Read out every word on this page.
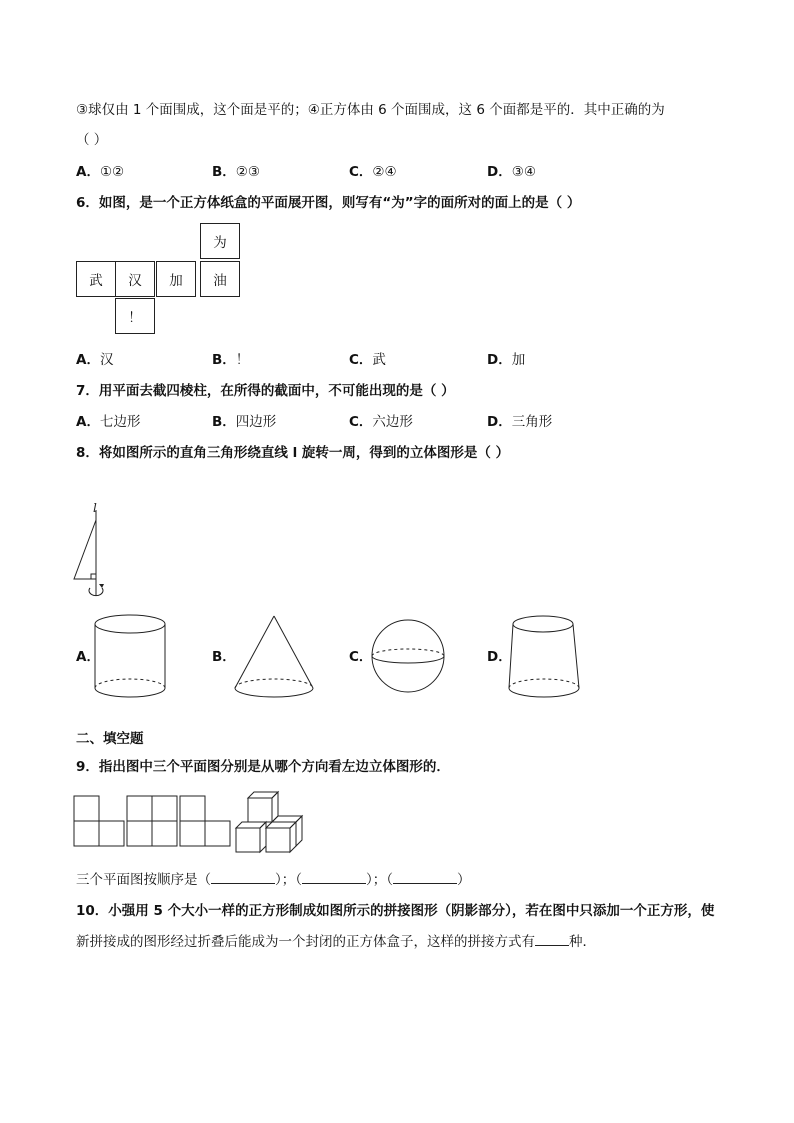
③球仅由 1 个面围成，这个面是平的；④正方体由 6 个面围成，这 6 个面都是平的．其中正确的为
（ ）
A．①②	B．②③	C．②④	D．③④
6．如图，是一个正方体纸盒的平面展开图，则写有“为”字的面所对的面上的是（ ）
为
武	汉	加	油
！
A．汉	B．！	C．武	D．加
7．用平面去截四棱柱，在所得的截面中，不可能出现的是（ ）
A．七边形	B．四边形	C．六边形	D．三角形
8．将如图所示的直角三角形绕直线 l 旋转一周，得到的立体图形是（ ）
l
A．	B．	C．	D．
二、填空题
9．指出图中三个平面图分别是从哪个方向看左边立体图形的．
三个平面图按顺序是（	）；（	）；（	）
10．小强用 5 个大小一样的正方形制成如图所示的拼接图形（阴影部分），若在图中只添加一个正方形，使
新拼接成的图形经过折叠后能成为一个封闭的正方体盒子，这样的拼接方式有	种．
